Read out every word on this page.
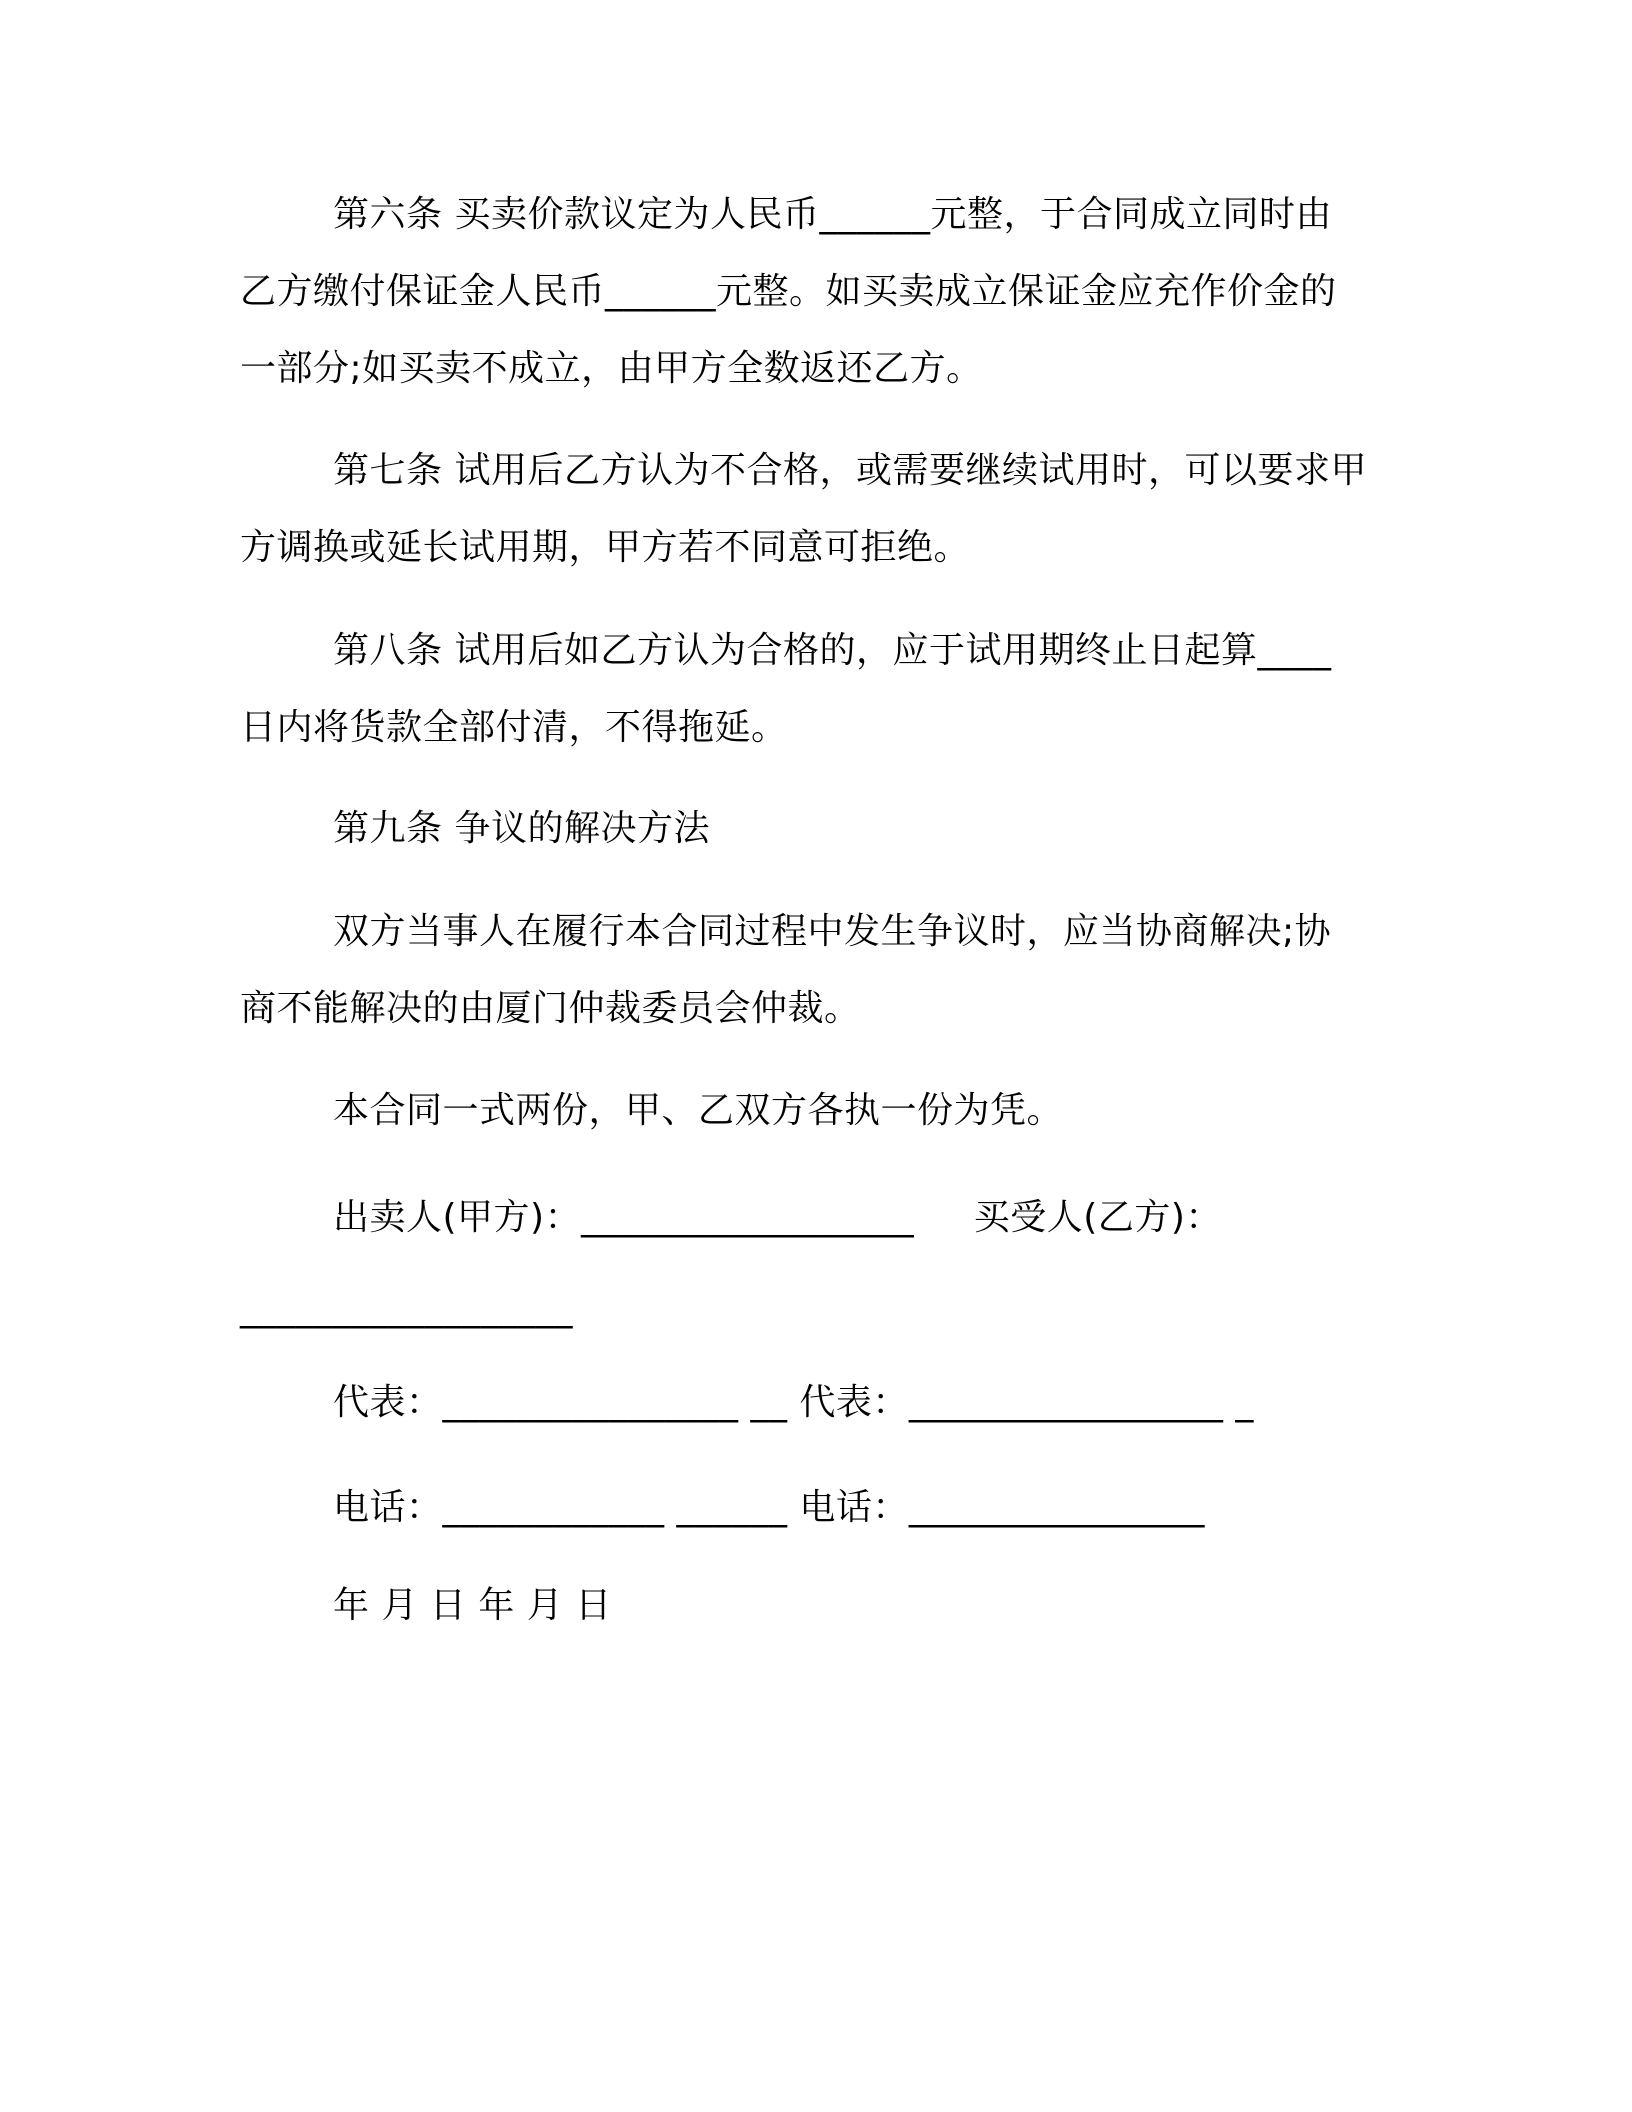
第六条 买卖价款议定为人民币______元整，于合同成立同时由
乙方缴付保证金人民币______元整。如买卖成立保证金应充作价金的
一部分;如买卖不成立，由甲方全数返还乙方。
第七条 试用后乙方认为不合格，或需要继续试用时，可以要求甲
方调换或延长试用期，甲方若不同意可拒绝。
第八条 试用后如乙方认为合格的，应于试用期终止日起算____
日内将货款全部付清，不得拖延。
第九条 争议的解决方法
双方当事人在履行本合同过程中发生争议时，应当协商解决;协
商不能解决的由厦门仲裁委员会仲裁。
本合同一式两份，甲、乙双方各执一份为凭。
出卖人(甲方)：__________________     买受人(乙方)：
__________________
代表：________________ __ 代表：_________________ _
电话：____________ ______ 电话：________________
年 月 日 年 月 日
